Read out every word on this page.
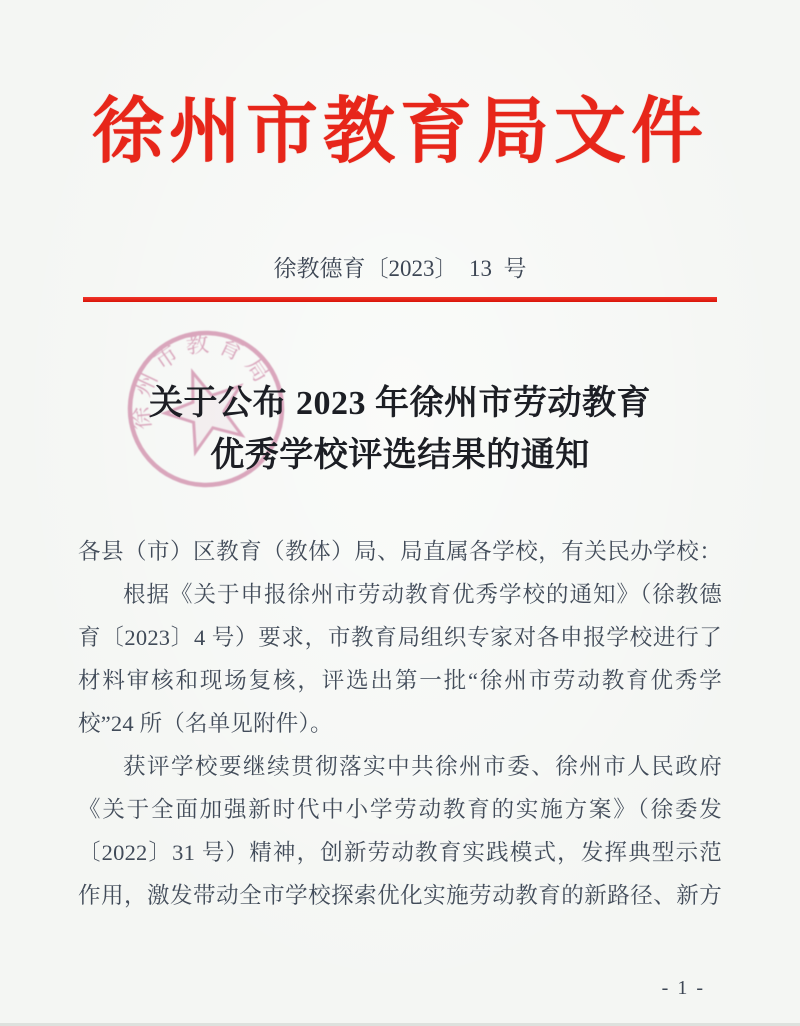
徐州市教育局文件
徐教德育〔2023〕  13  号
徐州市教育局
关于公布 2023 年徐州市劳动教育
优秀学校评选结果的通知
各县（市）区教育（教体）局、局直属各学校，有关民办学校：
根据《关于申报徐州市劳动教育优秀学校的通知》（徐教德
育〔2023〕4 号）要求，市教育局组织专家对各申报学校进行了
材料审核和现场复核，评选出第一批“徐州市劳动教育优秀学
校”24 所（名单见附件）。
获评学校要继续贯彻落实中共徐州市委、徐州市人民政府
《关于全面加强新时代中小学劳动教育的实施方案》（徐委发
〔2022〕31 号）精神，创新劳动教育实践模式，发挥典型示范
作用，激发带动全市学校探索优化实施劳动教育的新路径、新方
- 1 -
